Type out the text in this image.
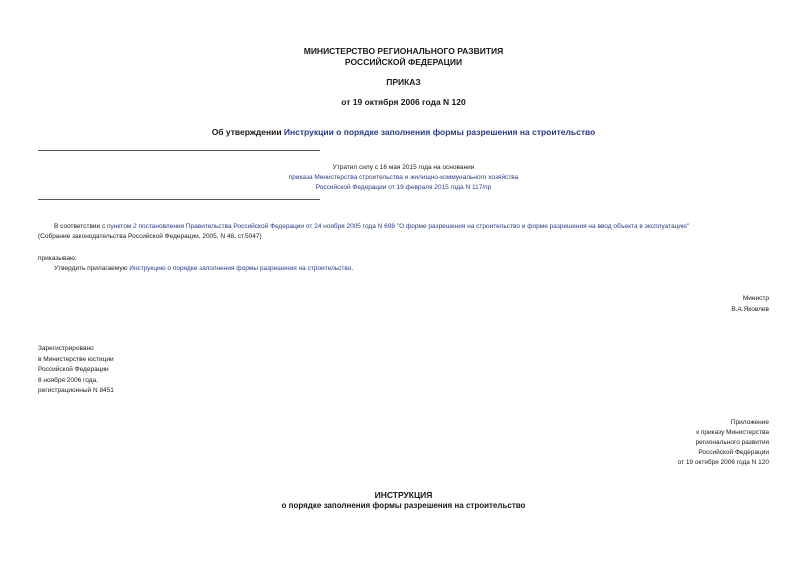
МИНИСТЕРСТВО РЕГИОНАЛЬНОГО РАЗВИТИЯ
РОССИЙСКОЙ ФЕДЕРАЦИИ
ПРИКАЗ
от 19 октября 2006 года N 120
Об утверждении Инструкции о порядке заполнения формы разрешения на строительство
Утратил силу с 16 мая 2015 года на основании
приказа Министерства строительства и жилищно-коммунального хозяйства
Российской Федерации от 19 февраля 2015 года N 117/пр
В соответствии с пунктом 2 постановления Правительства Российской Федерации от 24 ноября 2005 года N 698 "О форме разрешения на строительство и форме разрешения на ввод объекта в эксплуатацию"
(Собрание законодательства Российской Федерации, 2005, N 48, ст.5047)
приказываю:
Утвердить прилагаемую Инструкцию о порядке заполнения формы разрешения на строительство.
Министр
В.А.Яковлев
Зарегистрировано
в Министерстве юстиции
Российской Федерации
8 ноября 2006 года,
регистрационный N 8451
Приложение
к приказу Министерства
регионального развития
Российской Федерации
от 19 октября 2006 года N 120
ИНСТРУКЦИЯ
о порядке заполнения формы разрешения на строительство
